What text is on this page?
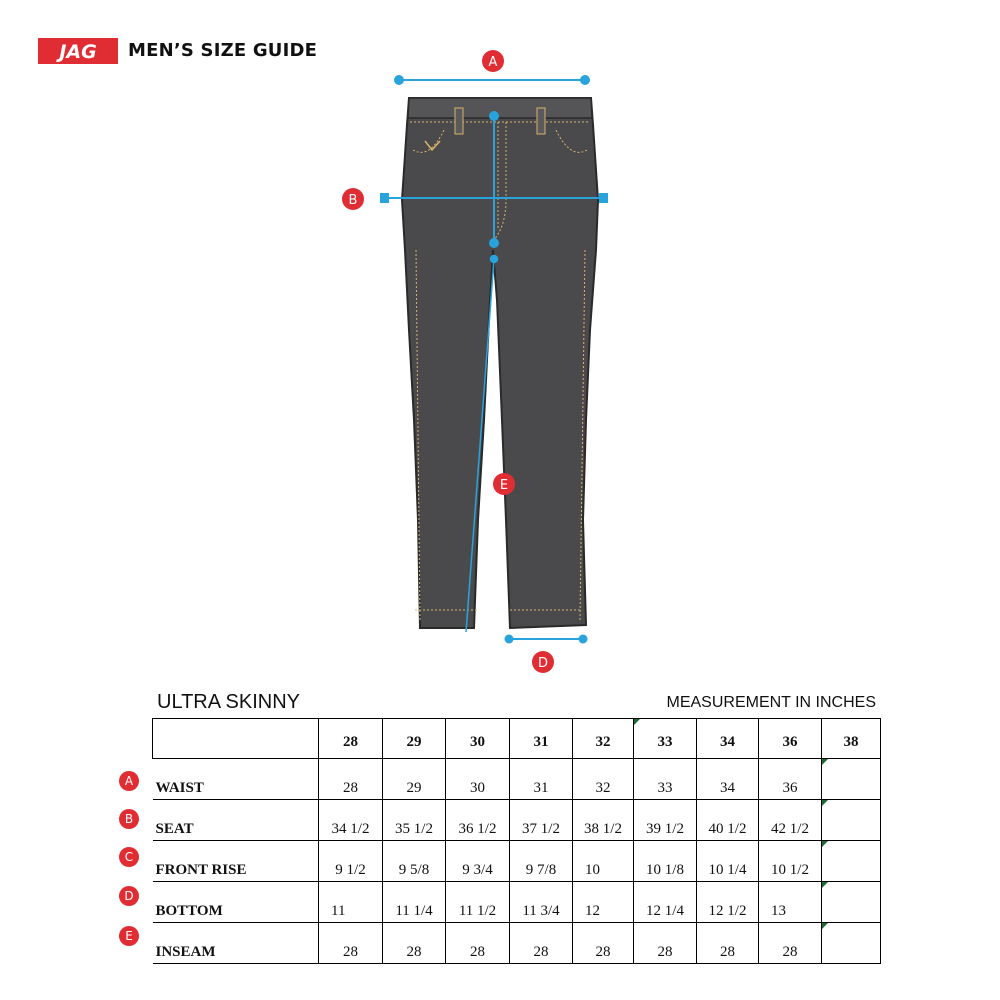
JAG MEN’S SIZE GUIDE
A
B
E
D
ULTRA SKINNY	MEASUREMENT IN INCHES
A
B
C
D
E
	28	29	30	31	32	33	34	36	38
WAIST	28	29	30	31	32	33	34	36	

SEAT	34 1/2	35 1/2	36 1/2	37 1/2	38 1/2	39 1/2	40 1/2	42 1/2	

FRONT RISE	9 1/2	9 5/8	9 3/4	9 7/8	10	10 1/8	10 1/4	10 1/2	

BOTTOM	11	11 1/4	11 1/2	11 3/4	12	12 1/4	12 1/2	13	

INSEAM	28	28	28	28	28	28	28	28	
